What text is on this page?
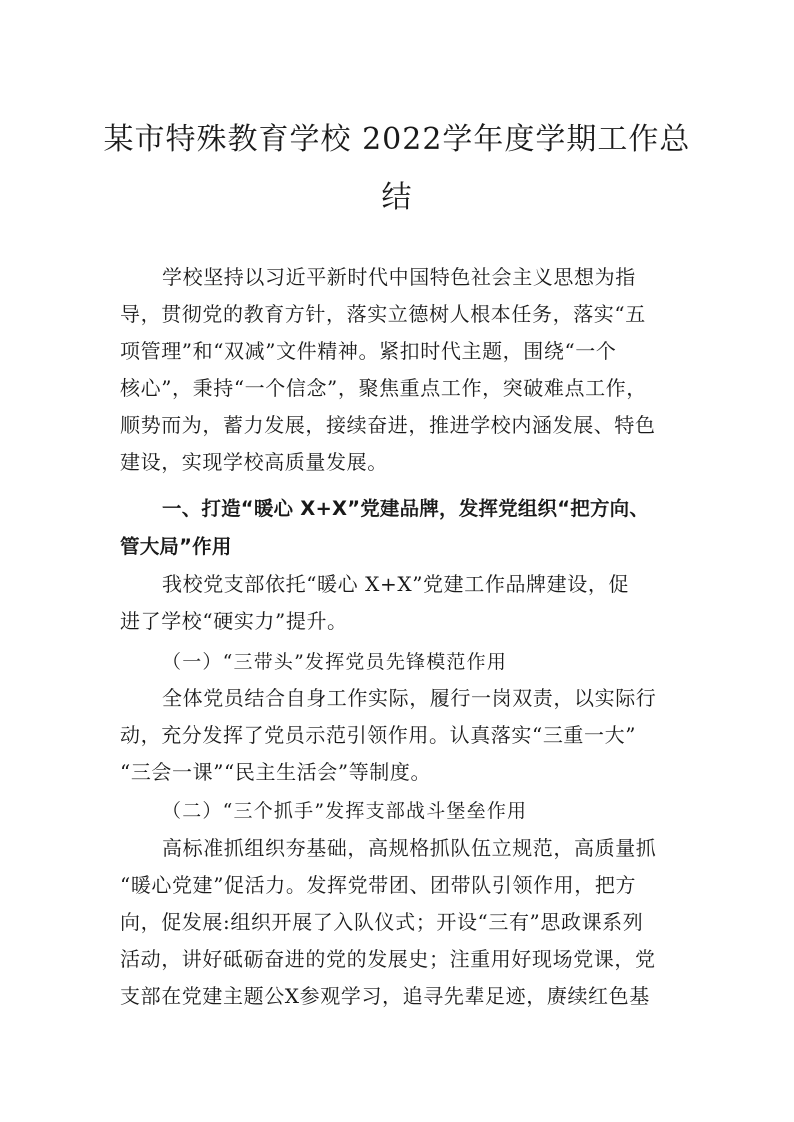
某市特殊教育学校 2022学年度学期工作总
结
学校坚持以习近平新时代中国特色社会主义思想为指
导，贯彻党的教育方针，落实立德树人根本任务，落实“五
项管理”和“双减”文件精神。紧扣时代主题，围绕“一个
核心”，秉持“一个信念”，聚焦重点工作，突破难点工作，
顺势而为，蓄力发展，接续奋进，推进学校内涵发展、特色
建设，实现学校高质量发展。
一、打造“暖心 X+X”党建品牌，发挥党组织“把方向、
管大局”作用
我校党支部依托“暖心 X+X”党建工作品牌建设，促
进了学校“硬实力”提升。
（一）“三带头”发挥党员先锋模范作用
全体党员结合自身工作实际，履行一岗双责，以实际行
动，充分发挥了党员示范引领作用。认真落实“三重一大”
“三会一课”“民主生活会”等制度。
（二）“三个抓手”发挥支部战斗堡垒作用
高标准抓组织夯基础，高规格抓队伍立规范，高质量抓
“暖心党建”促活力。发挥党带团、团带队引领作用，把方
向，促发展:组织开展了入队仪式；开设“三有”思政课系列
活动，讲好砥砺奋进的党的发展史；注重用好现场党课，党
支部在党建主题公X参观学习，追寻先辈足迹，赓续红色基
